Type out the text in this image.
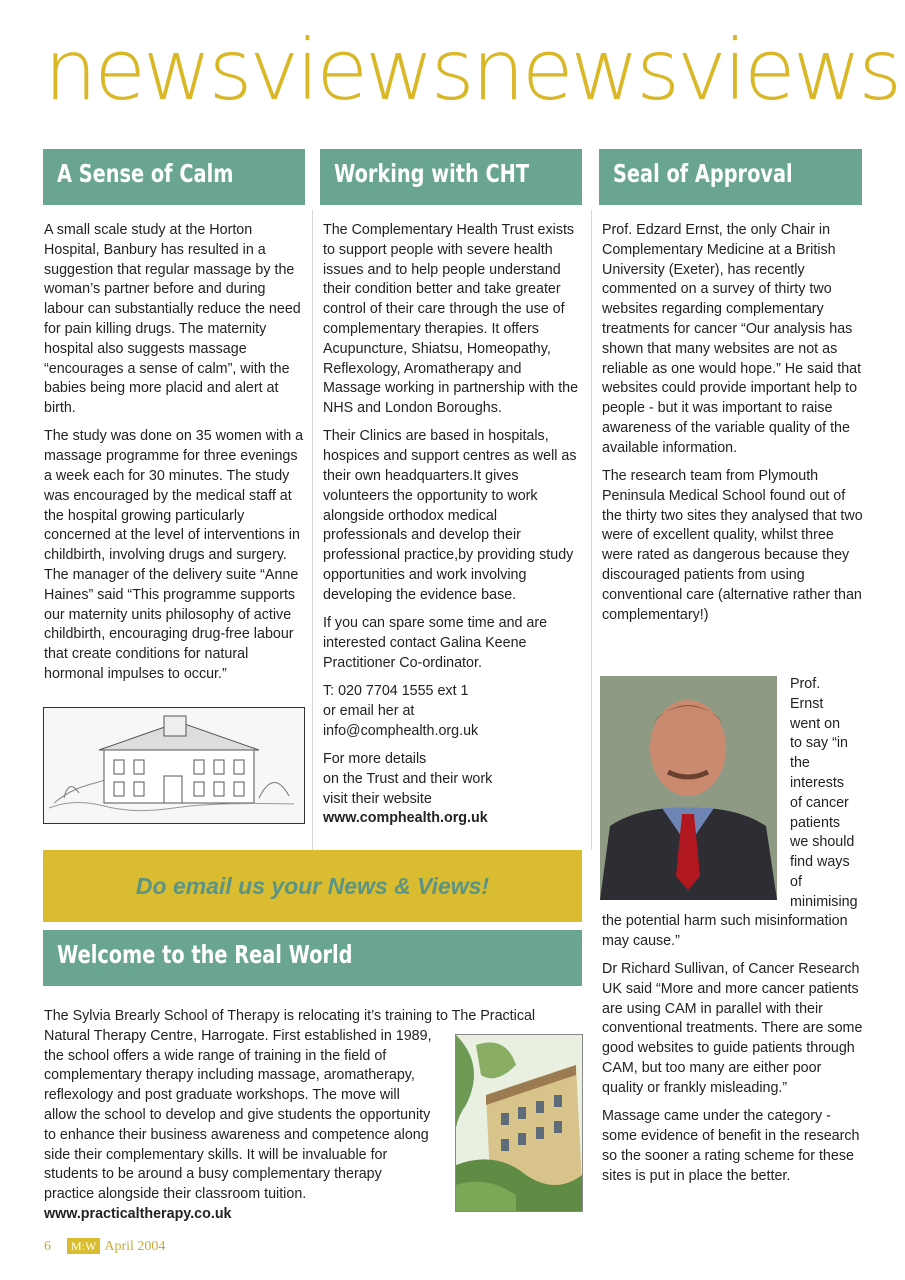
newsviewsnewsviews
A Sense of Calm	Working with CHT	Seal of Approval

A small scale study at the Horton Hospital, Banbury has resulted in a suggestion that regular massage by the woman’s partner before and during labour can substantially reduce the need for pain killing drugs. The maternity hospital also suggests massage “encourages a sense of calm”, with the babies being more placid and alert at birth.

The study was done on 35 women with a massage programme for three evenings a week each for 30 minutes. The study was encouraged by the medical staff at the hospital growing particularly concerned at the level of interventions in childbirth, involving drugs and surgery. The manager of the delivery suite “Anne Haines” said “This programme supports our maternity units philosophy of active childbirth, encouraging drug-free labour that create conditions for natural hormonal impulses to occur.”

The Complementary Health Trust exists to support people with severe health issues and to help people understand their condition better and take greater control of their care through the use of complementary therapies. It offers Acupuncture, Shiatsu, Homeopathy, Reflexology, Aromatherapy and Massage working in partnership with the NHS and London Boroughs.

Their Clinics are based in hospitals, hospices and support centres as well as their own headquarters.It gives volunteers the opportunity to work alongside orthodox medical professionals and develop their professional practice,by providing study opportunities and work involving developing the evidence base.

If you can spare some time and are interested contact Galina Keene Practitioner Co-ordinator.

T: 020 7704 1555 ext 1
or email her at
info@comphealth.org.uk

For more details
on the Trust and their work
visit their website
www.comphealth.org.uk

Prof. Edzard Ernst, the only Chair in Complementary Medicine at a British University (Exeter), has recently commented on a survey of thirty two websites regarding complementary treatments for cancer “Our analysis has shown that many websites are not as reliable as one would hope.” He said that websites could provide important help to people - but it was important to raise awareness of the variable quality of the available information.

The research team from Plymouth Peninsula Medical School found out of the thirty two sites they analysed that two were of excellent quality, whilst three were rated as dangerous because they discouraged patients from using conventional care (alternative rather than complementary!)

Prof.
Ernst
went on
to say “in
the
interests
of cancer
patients
we should
find ways
of
minimising

the potential harm such misinformation may cause.”

Dr Richard Sullivan, of Cancer Research UK said “More and more cancer patients are using CAM in parallel with their conventional treatments. There are some good websites to guide patients through CAM, but too many are either poor quality or frankly misleading.”

Massage came under the category - some evidence of benefit in the research so the sooner a rating scheme for these sites is put in place the better.

Do email us your News & Views!
Welcome to the Real World
The Sylvia Brearly School of Therapy is relocating it’s training to The Practical
Natural Therapy Centre, Harrogate. First established in 1989,
the school offers a wide range of training in the field of
complementary therapy including massage, aromatherapy,
reflexology and post graduate workshops. The move will
allow the school to develop and give students the opportunity
to enhance their business awareness and competence along
side their complementary skills. It will be invaluable for
students to be around a busy complementary therapy
practice alongside their classroom tuition.
www.practicaltherapy.co.uk
6 M:W April 2004
